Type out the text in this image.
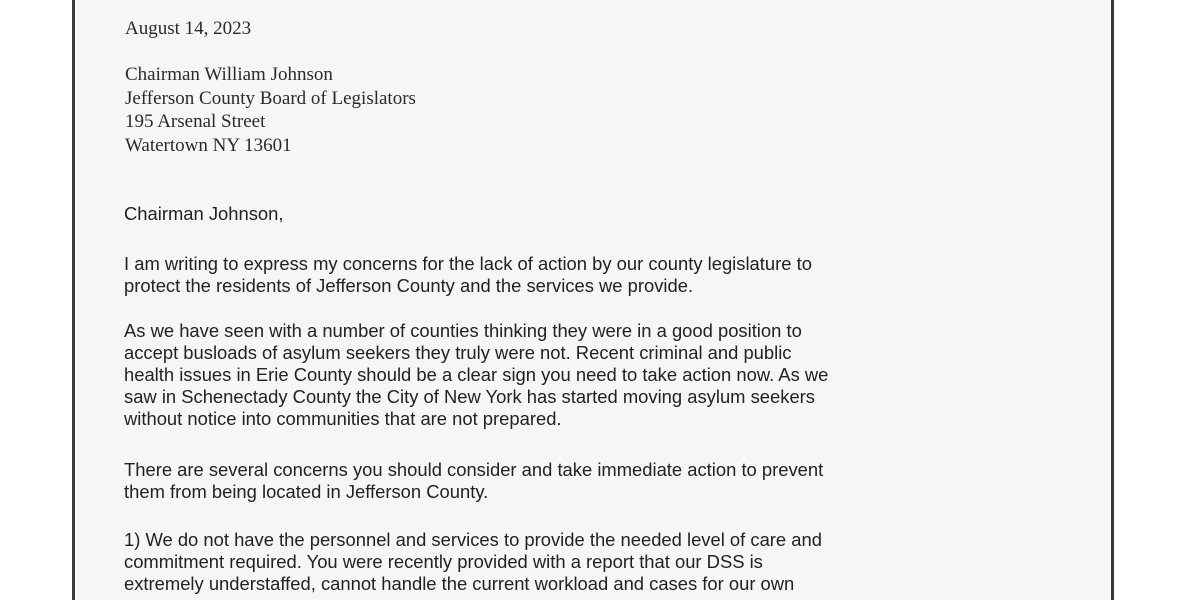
August 14, 2023
Chairman William Johnson
Jefferson County Board of Legislators
195 Arsenal Street
Watertown NY 13601
Chairman Johnson,
I am writing to express my concerns for the lack of action by our county legislature to
protect the residents of Jefferson County and the services we provide.
As we have seen with a number of counties thinking they were in a good position to
accept busloads of asylum seekers they truly were not. Recent criminal and public
health issues in Erie County should be a clear sign you need to take action now. As we
saw in Schenectady County the City of New York has started moving asylum seekers
without notice into communities that are not prepared.
There are several concerns you should consider and take immediate action to prevent
them from being located in Jefferson County.
1) We do not have the personnel and services to provide the needed level of care and
commitment required. You were recently provided with a report that our DSS is
extremely understaffed, cannot handle the current workload and cases for our own
